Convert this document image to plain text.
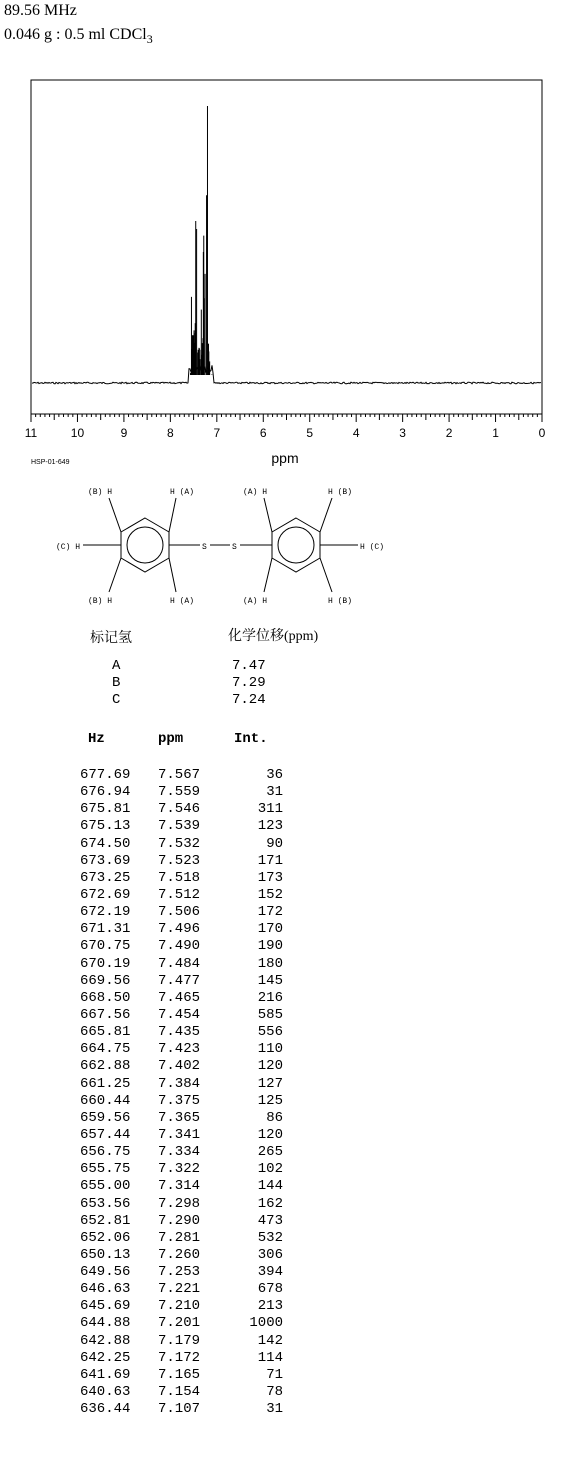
89.56 MHz
0.046 g : 0.5 ml CDCl$_3$
11	10	9	8	7	6	5	4	3	2	1	0
ppm
HSP-01-649
(B) H	H (A)	(A) H	H (B)
(C) H	H (C)
(B) H	H (A)	(A) H	H (B)
S	S
标记氢	化学位移(ppm)
A	7.47
B	7.29
C	7.24
Hz	ppm	Int.
677.69 7.567	36
676.94 7.559	31
675.81 7.546	311
675.13 7.539	123
674.50 7.532	90
673.69 7.523	171
673.25 7.518	173
672.69 7.512	152
672.19 7.506	172
671.31 7.496	170
670.75 7.490	190
670.19 7.484	180
669.56 7.477	145
668.50 7.465	216
667.56 7.454	585
665.81 7.435	556
664.75 7.423	110
662.88 7.402	120
661.25 7.384	127
660.44 7.375	125
659.56 7.365	86
657.44 7.341	120
656.75 7.334	265
655.75 7.322	102
655.00 7.314	144
653.56 7.298	162
652.81 7.290	473
652.06 7.281	532
650.13 7.260	306
649.56 7.253	394
646.63 7.221	678
645.69 7.210	213
644.88 7.201	1000
642.88 7.179	142
642.25 7.172	114
641.69 7.165	71
640.63 7.154	78
636.44 7.107	31
